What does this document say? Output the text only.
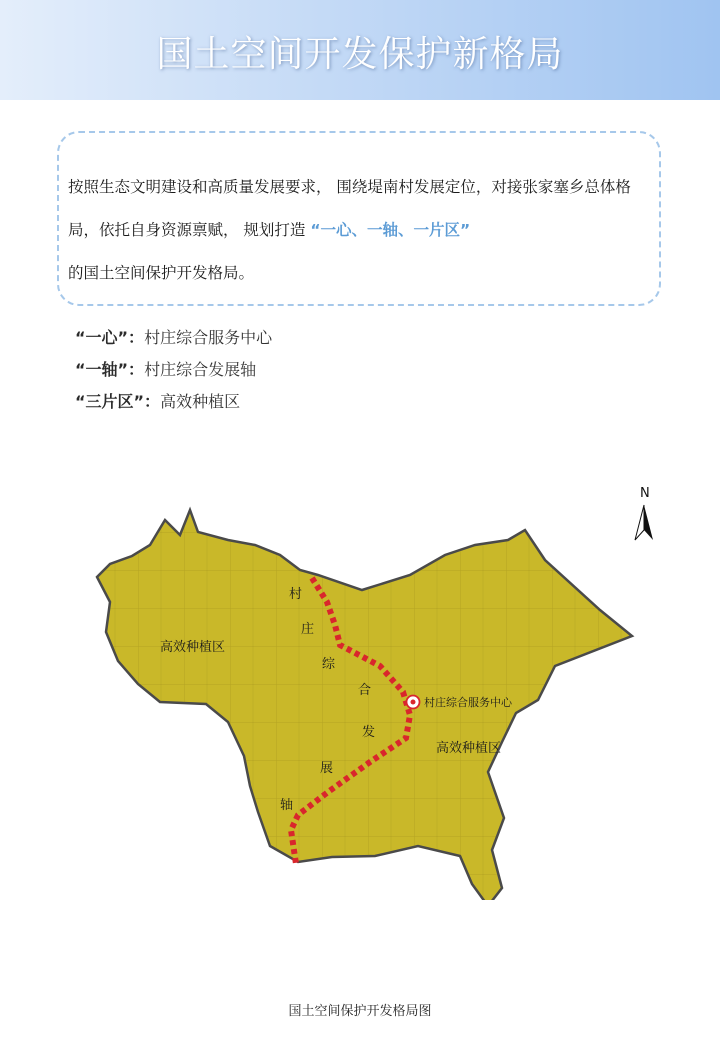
国土空间开发保护新格局
按照生态文明建设和高质量发展要求， 围绕堤南村发展定位，对接张家塞乡总体格局，依托自身资源禀赋， 规划打造 “一心、一轴、一片区”
的国土空间保护开发格局。
“一心”：村庄综合服务中心
“一轴”：村庄综合发展轴
“三片区”：高效种植区
村庄综合服务中心
高效种植区
高效种植区
村
庄
综
合
发
展
轴
N
国土空间保护开发格局图
